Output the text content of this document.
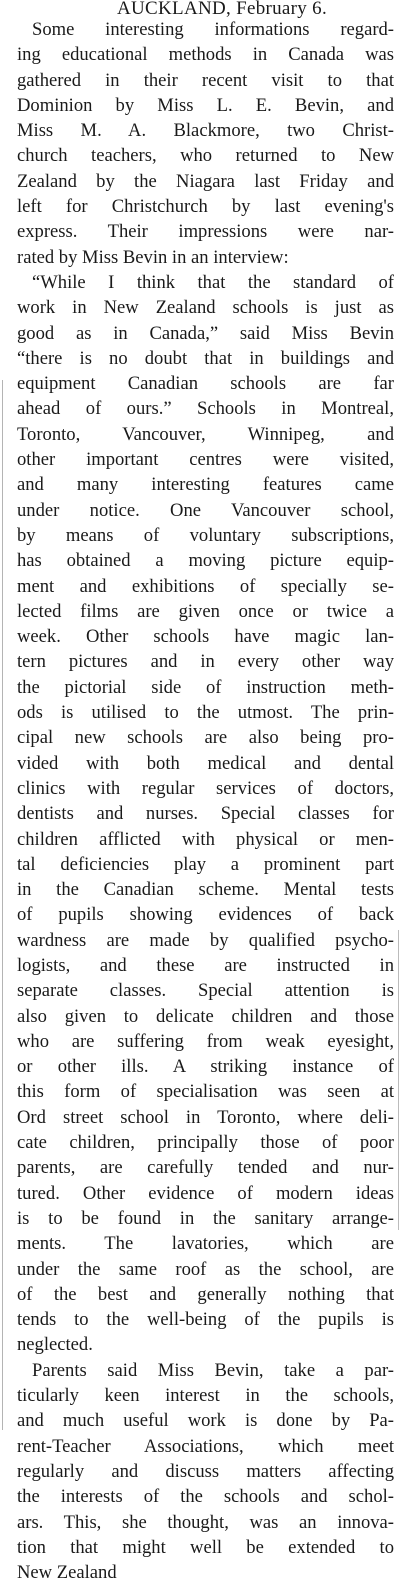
AUCKLAND, February 6.
Some interesting informations regard-
ing educational methods in Canada was
gathered in their recent visit to that
Dominion by Miss L. E. Bevin, and
Miss M. A. Blackmore, two Christ-
church teachers, who returned to New
Zealand by the Niagara last Friday and
left for Christchurch by last evening's
express. Their impressions were nar-
rated by Miss Bevin in an interview:
“While I think that the standard of
work in New Zealand schools is just as
good as in Canada,” said Miss Bevin
“there is no doubt that in buildings and
equipment Canadian schools are far
ahead of ours.” Schools in Montreal,
Toronto, Vancouver, Winnipeg, and
other important centres were visited,
and many interesting features came
under notice. One Vancouver school,
by means of voluntary subscriptions,
has obtained a moving picture equip-
ment and exhibitions of specially se-
lected films are given once or twice a
week. Other schools have magic lan-
tern pictures and in every other way
the pictorial side of instruction meth-
ods is utilised to the utmost. The prin-
cipal new schools are also being pro-
vided with both medical and dental
clinics with regular services of doctors,
dentists and nurses. Special classes for
children afflicted with physical or men-
tal deficiencies play a prominent part
in the Canadian scheme. Mental tests
of pupils showing evidences of back
wardness are made by qualified psycho-
logists, and these are instructed in
separate classes. Special attention is
also given to delicate children and those
who are suffering from weak eyesight,
or other ills. A striking instance of
this form of specialisation was seen at
Ord street school in Toronto, where deli-
cate children, principally those of poor
parents, are carefully tended and nur-
tured. Other evidence of modern ideas
is to be found in the sanitary arrange-
ments. The lavatories, which are
under the same roof as the school, are
of the best and generally nothing that
tends to the well-being of the pupils is
neglected.
Parents said Miss Bevin, take a par-
ticularly keen interest in the schools,
and much useful work is done by Pa-
rent-Teacher Associations, which meet
regularly and discuss matters affecting
the interests of the schools and schol-
ars. This, she thought, was an innova-
tion that might well be extended to
New Zealand
